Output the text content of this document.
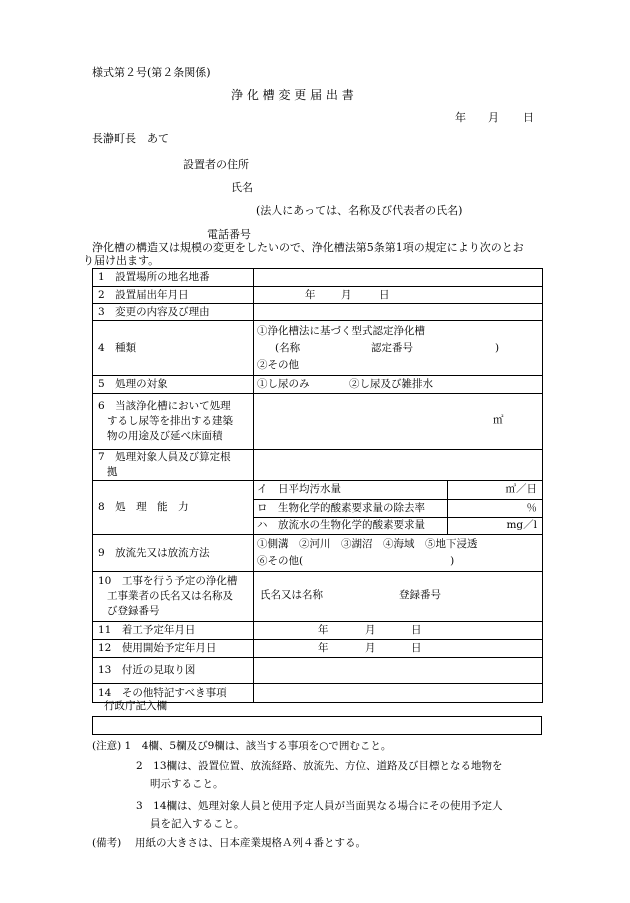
様式第２号(第２条関係)
浄 化 槽 変 更 届 出 書
年 月 日
長瀞町長　あて
設置者の住所
氏名
(法人にあっては、名称及び代表者の氏名)
電話番号
浄化槽の構造又は規模の変更をしたいので、浄化槽法第5条第1項の規定により次のとお
り届け出ます。
1　設置場所の地名地番	
2　設置届出年月日	年 月	日

3　変更の内容及び理由	
4　種類	
①浄化槽法に基づく型式認定浄化槽
(名称	認定番号	)
②その他

5　処理の対象	①し尿のみ	②し尿及び雑排水

6　当該浄化槽において処理
するし尿等を排出する建築
物の用途及び延べ床面積

㎡

7　処理対象人員及び算定根
拠

8　処　理　能　力	
イ　日平均汚水量	㎥／日
ロ　生物化学的酸素要求量の除去率	％
ハ　放流水の生物化学的酸素要求量	mg／l

9　放流先又は放流方法	
①側溝　②河川　③湖沼　④海域　⑤地下浸透
⑥その他(　　　　　　　　　　　　　　)

10　工事を行う予定の浄化槽
工事業者の氏名又は名称及
び登録番号

氏名又は名称	登録番号

11　着工予定年月日	年	月	日

12　使用開始予定年月日	年	月	日

13　付近の見取り図	
14　その他特記すべき事項	
行政庁記入欄
(注意) 1　4欄、5欄及び9欄は、該当する事項を○で囲むこと。
2　13欄は、設置位置、放流経路、放流先、方位、道路及び目標となる地物を
明示すること。
3　14欄は、処理対象人員と使用予定人員が当面異なる場合にその使用予定人
員を記入すること。
(備考)　 用紙の大きさは、日本産業規格Ａ列４番とする。
